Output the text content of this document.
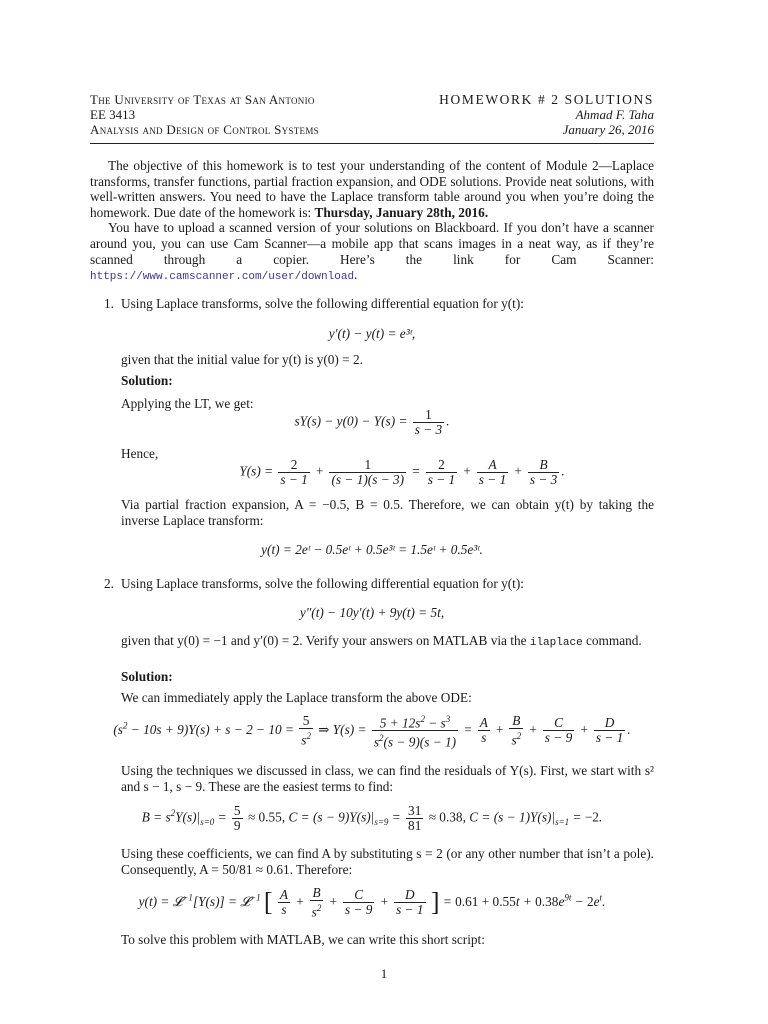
The University of Texas at San Antonio
EE 3413
Analysis and Design of Control Systems
HOMEWORK # 2 SOLUTIONS
Ahmad F. Taha
January 26, 2016

The objective of this homework is to test your understanding of the content of Module 2—Laplace transforms, transfer functions, partial fraction expansion, and ODE solutions. Provide neat solutions, with well-written answers. You need to have the Laplace transform table around you when you’re doing the homework. Due date of the homework is: Thursday, January 28th, 2016.

You have to upload a scanned version of your solutions on Blackboard. If you don’t have a scanner around you, you can use Cam Scanner—a mobile app that scans images in a neat way, as if they’re scanned through a copier. Here’s the link for Cam Scanner: https://www.camscanner.com/user/download.

1. Using Laplace transforms, solve the following differential equation for y(t):
y′(t) − y(t) = e³ᵗ,
given that the initial value for y(t) is y(0) = 2.
Solution:
Applying the LT, we get:
$sY(s) - y(0) - Y(s) = \frac{1}{s - 3}$ .
Hence,
$Y(s) = \frac{2}{s - 1} + \frac{1}{(s - 1)(s - 3)} = \frac{2}{s - 1} + \frac{A}{s - 1} + \frac{B}{s - 3}$ .
Via partial fraction expansion, A = −0.5, B = 0.5. Therefore, we can obtain y(t) by taking the inverse Laplace transform:
y(t) = 2eᵗ − 0.5eᵗ + 0.5e³ᵗ = 1.5eᵗ + 0.5e³ᵗ.
2. Using Laplace transforms, solve the following differential equation for y(t):
y″(t) − 10y′(t) + 9y(t) = 5t,
given that y(0) = −1 and y′(0) = 2. Verify your answers on MATLAB via the ilaplace command.
Solution:
We can immediately apply the Laplace transform the above ODE:
$(s^2 - 10s + 9)Y(s) + s - 2 - 10 = \frac{5}{s^2}$ ⇒ $Y(s) = \frac{5 + 12s^2 - s^3}{s^2(s - 9)(s - 1)} = \frac{A}{s} + \frac{B}{s^2} + \frac{C}{s - 9} + \frac{D}{s - 1}$ .
Using the techniques we discussed in class, we can find the residuals of Y(s). First, we start with s² and s − 1, s − 9. These are the easiest terms to find:
$B = s^2Y(s)|_{s=0} = \frac{5}{9} \approx 0.55$, $C = (s - 9)Y(s)|_{s=9} = \frac{31}{81} \approx 0.38$, $C = (s - 1)Y(s)|_{s=1} = -2$.
Using these coefficients, we can find A by substituting s = 2 (or any other number that isn’t a pole). Consequently, A = 50/81 ≈ 0.61. Therefore:
y(t) = 𝓛$^{-1}$[Y(s)] = 𝓛$^{-1}$ [ $\frac{A}{s} + \frac{B}{s^2} + \frac{C}{s - 9} + \frac{D}{s - 1}$ ] = $0.61 + 0.55t + 0.38e^{9t} - 2e^t$.
To solve this problem with MATLAB, we can write this short script:
1
